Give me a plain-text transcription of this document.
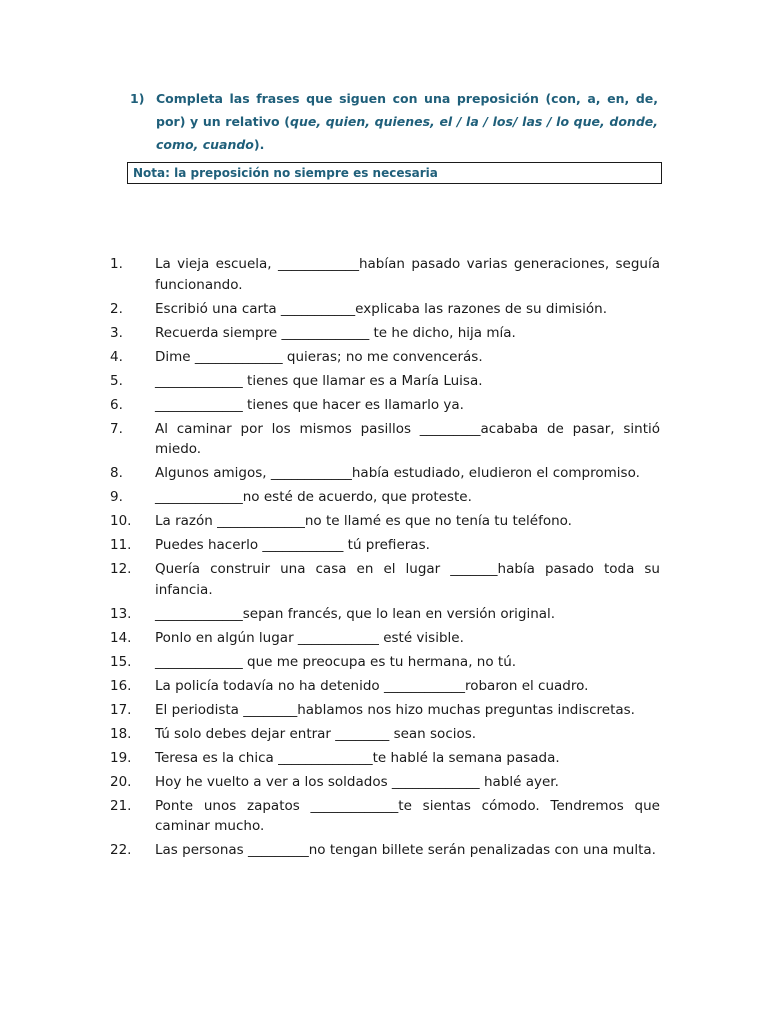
1) Completa las frases que siguen con una preposición (con, a, en, de, por) y un relativo (que, quien, quienes, el / la / los/ las / lo que, donde, como, cuando).
Nota: la preposición no siempre es necesaria
1.	La vieja escuela, ____________habían pasado varias generaciones, seguía funcionando.
2.	Escribió una carta ___________explicaba las razones de su dimisión.
3.	Recuerda siempre _____________ te he dicho, hija mía.
4.	Dime _____________ quieras; no me convencerás.
5.	_____________ tienes que llamar es a María Luisa.
6.	_____________ tienes que hacer es llamarlo ya.
7.	Al caminar por los mismos pasillos _________acababa de pasar, sintió miedo.
8.	Algunos amigos, ____________había estudiado, eludieron el compromiso.
9.	_____________no esté de acuerdo, que proteste.
10.	La razón _____________no te llamé es que no tenía tu teléfono.
11.	Puedes hacerlo ____________ tú prefieras.
12.	Quería construir una casa en el lugar _______había pasado toda su infancia.
13.	_____________sepan francés, que lo lean en versión original.
14.	Ponlo en algún lugar ____________ esté visible.
15.	_____________ que me preocupa es tu hermana, no tú.
16.	La policía todavía no ha detenido ____________robaron el cuadro.
17.	El periodista ________hablamos nos hizo muchas preguntas indiscretas.
18.	Tú solo debes dejar entrar ________ sean socios.
19.	Teresa es la chica ______________te hablé la semana pasada.
20.	Hoy he vuelto a ver a los soldados _____________ hablé ayer.
21.	Ponte unos zapatos _____________te sientas cómodo. Tendremos que caminar mucho.
22.	Las personas _________no tengan billete serán penalizadas con una multa.
